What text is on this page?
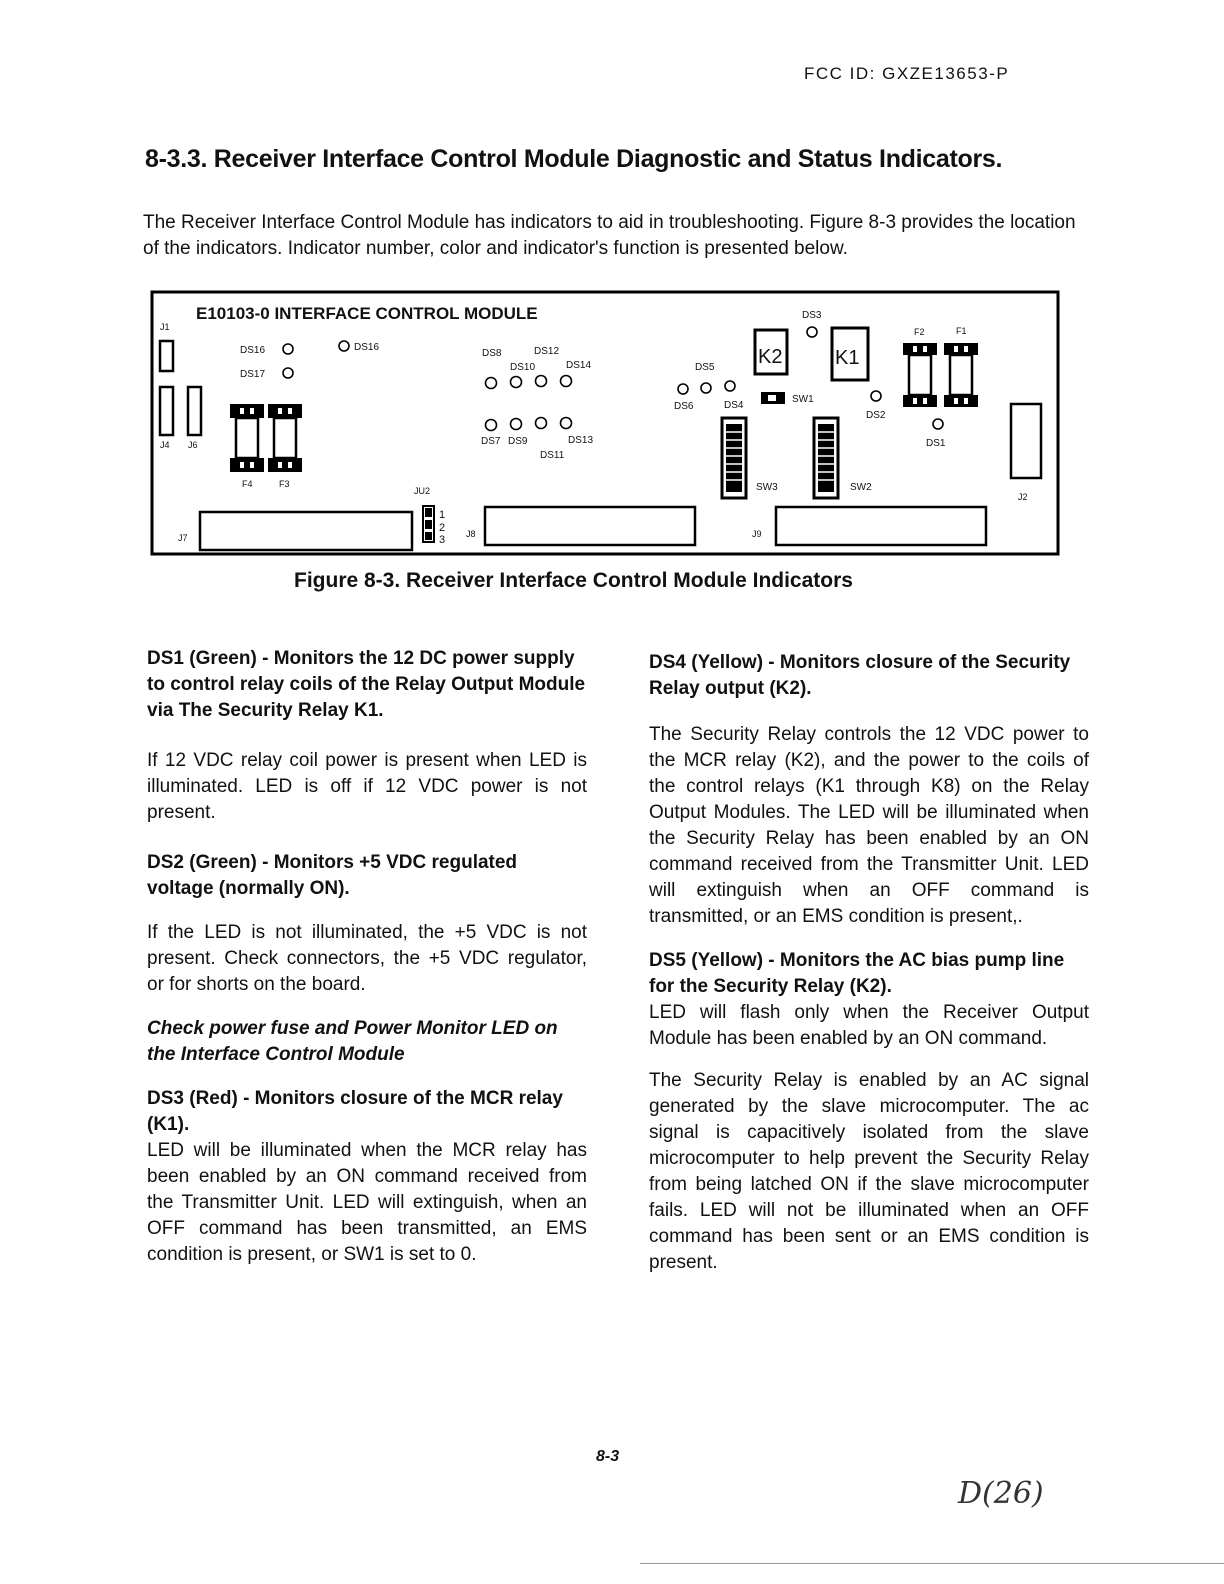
FCC ID: GXZE13653-P
8-3.3. Receiver Interface Control Module Diagnostic and Status Indicators.
The Receiver Interface Control Module has indicators to aid in troubleshooting. Figure 8-3 provides the location of the indicators. Indicator number, color and indicator's function is presented below.
E10103-0 INTERFACE CONTROL MODULE
J1
J4 J6
F4	F3
DS16	DS16
DS17
DS8	DS12
DS10	DS14
DS7 DS9	DS13
DS11
DS5
DS6	DS4
K2
DS3
K1
SW1
DS2
DS1
F2	F1
SW3	SW2
J2
JU2
1
2
3
J7	J8	J9
Figure 8-3. Receiver Interface Control Module Indicators

DS1 (Green) - Monitors the 12 DC power supply to control relay coils of the Relay Output Module via The Security Relay K1.

If 12 VDC relay coil power is present when LED is illuminated. LED is off if 12 VDC power is not present.

DS2 (Green) - Monitors +5 VDC regulated voltage (normally ON).

If the LED is not illuminated, the +5 VDC is not present. Check connectors, the +5 VDC regulator, or for shorts on the board.

Check power fuse and Power Monitor LED on the Interface Control Module

DS3 (Red) - Monitors closure of the MCR relay (K1).

LED will be illuminated when the MCR relay has been enabled by an ON command received from the Transmitter Unit. LED will extinguish, when an OFF command has been transmitted, an EMS condition is present, or SW1 is set to 0.

DS4 (Yellow) - Monitors closure of the Security Relay output (K2).

The Security Relay controls the 12 VDC power to the MCR relay (K2), and the power to the coils of the control relays (K1 through K8) on the Relay Output Modules. The LED will be illuminated when the Security Relay has been enabled by an ON command received from the Transmitter Unit. LED will extinguish when an OFF command is transmitted, or an EMS condition is present,.

DS5 (Yellow) - Monitors the AC bias pump line for the Security Relay (K2).

LED will flash only when the Receiver Output Module has been enabled by an ON command.

The Security Relay is enabled by an AC signal generated by the slave microcomputer. The ac signal is capacitively isolated from the slave microcomputer to help prevent the Security Relay from being latched ON if the slave microcomputer fails. LED will not be illuminated when an OFF command has been sent or an EMS condition is present.

8-3
D(26)
